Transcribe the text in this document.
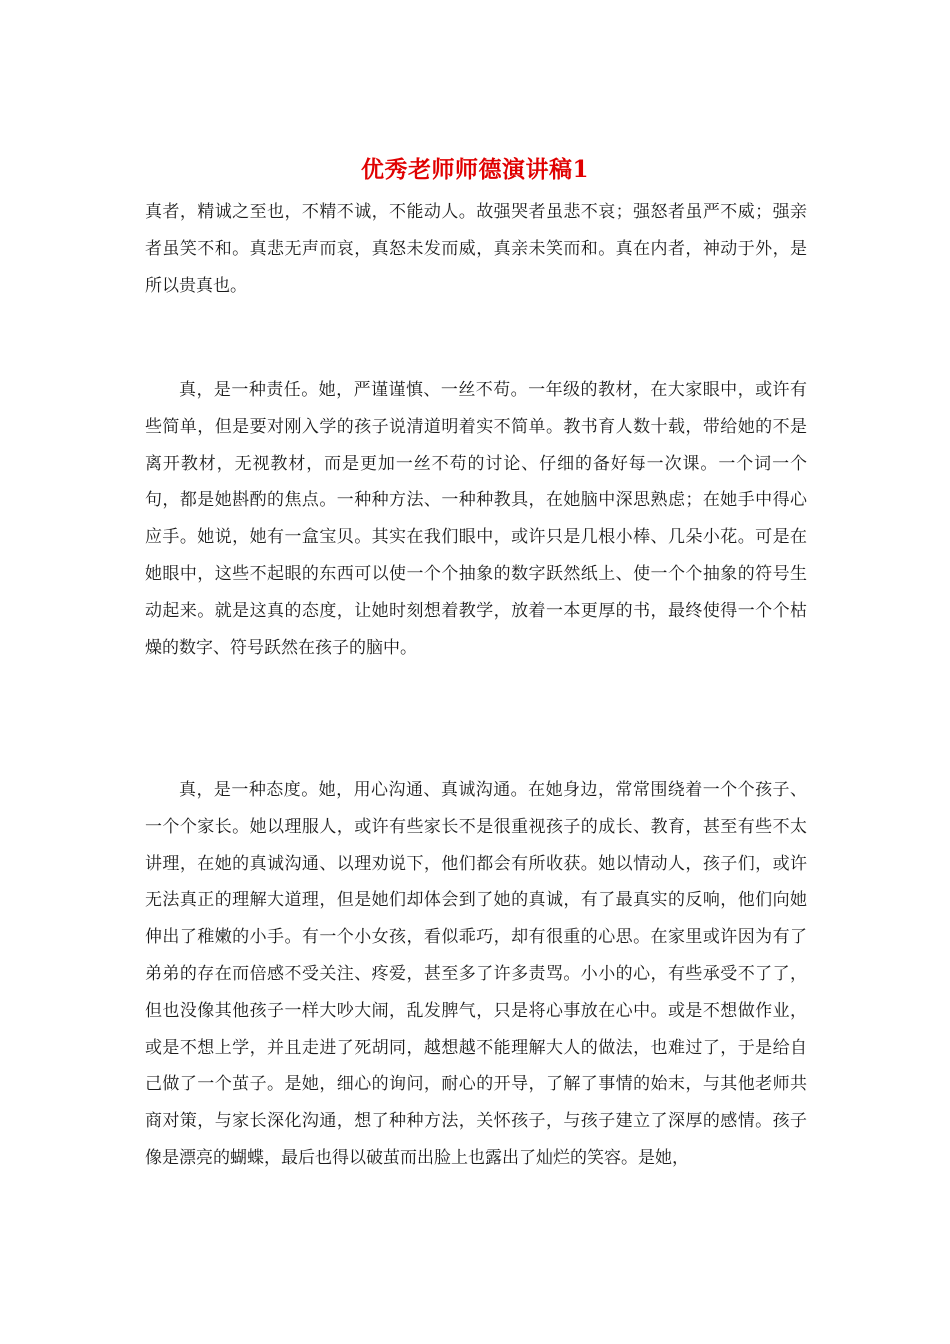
优秀老师师德演讲稿1

真者，精诚之至也，不精不诚，不能动人。故强哭者虽悲不哀；强怒者虽严不威；强亲者虽笑不和。真悲无声而哀，真怒未发而威，真亲未笑而和。真在内者，神动于外，是所以贵真也。

真，是一种责任。她，严谨谨慎、一丝不苟。一年级的教材，在大家眼中，或许有些简单，但是要对刚入学的孩子说清道明着实不简单。教书育人数十载，带给她的不是离开教材，无视教材，而是更加一丝不苟的讨论、仔细的备好每一次课。一个词一个句，都是她斟酌的焦点。一种种方法、一种种教具，在她脑中深思熟虑；在她手中得心应手。她说，她有一盒宝贝。其实在我们眼中，或许只是几根小棒、几朵小花。可是在她眼中，这些不起眼的东西可以使一个个抽象的数字跃然纸上、使一个个抽象的符号生动起来。就是这真的态度，让她时刻想着教学，放着一本更厚的书，最终使得一个个枯燥的数字、符号跃然在孩子的脑中。

真，是一种态度。她，用心沟通、真诚沟通。在她身边，常常围绕着一个个孩子、一个个家长。她以理服人，或许有些家长不是很重视孩子的成长、教育，甚至有些不太讲理，在她的真诚沟通、以理劝说下，他们都会有所收获。她以情动人，孩子们，或许无法真正的理解大道理，但是她们却体会到了她的真诚，有了最真实的反响，他们向她伸出了稚嫩的小手。有一个小女孩，看似乖巧，却有很重的心思。在家里或许因为有了弟弟的存在而倍感不受关注、疼爱，甚至多了许多责骂。小小的心，有些承受不了了，但也没像其他孩子一样大吵大闹，乱发脾气，只是将心事放在心中。或是不想做作业，或是不想上学，并且走进了死胡同，越想越不能理解大人的做法，也难过了，于是给自己做了一个茧子。是她，细心的询问，耐心的开导，了解了事情的始末，与其他老师共商对策，与家长深化沟通，想了种种方法，关怀孩子，与孩子建立了深厚的感情。孩子像是漂亮的蝴蝶，最后也得以破茧而出脸上也露出了灿烂的笑容。是她，
